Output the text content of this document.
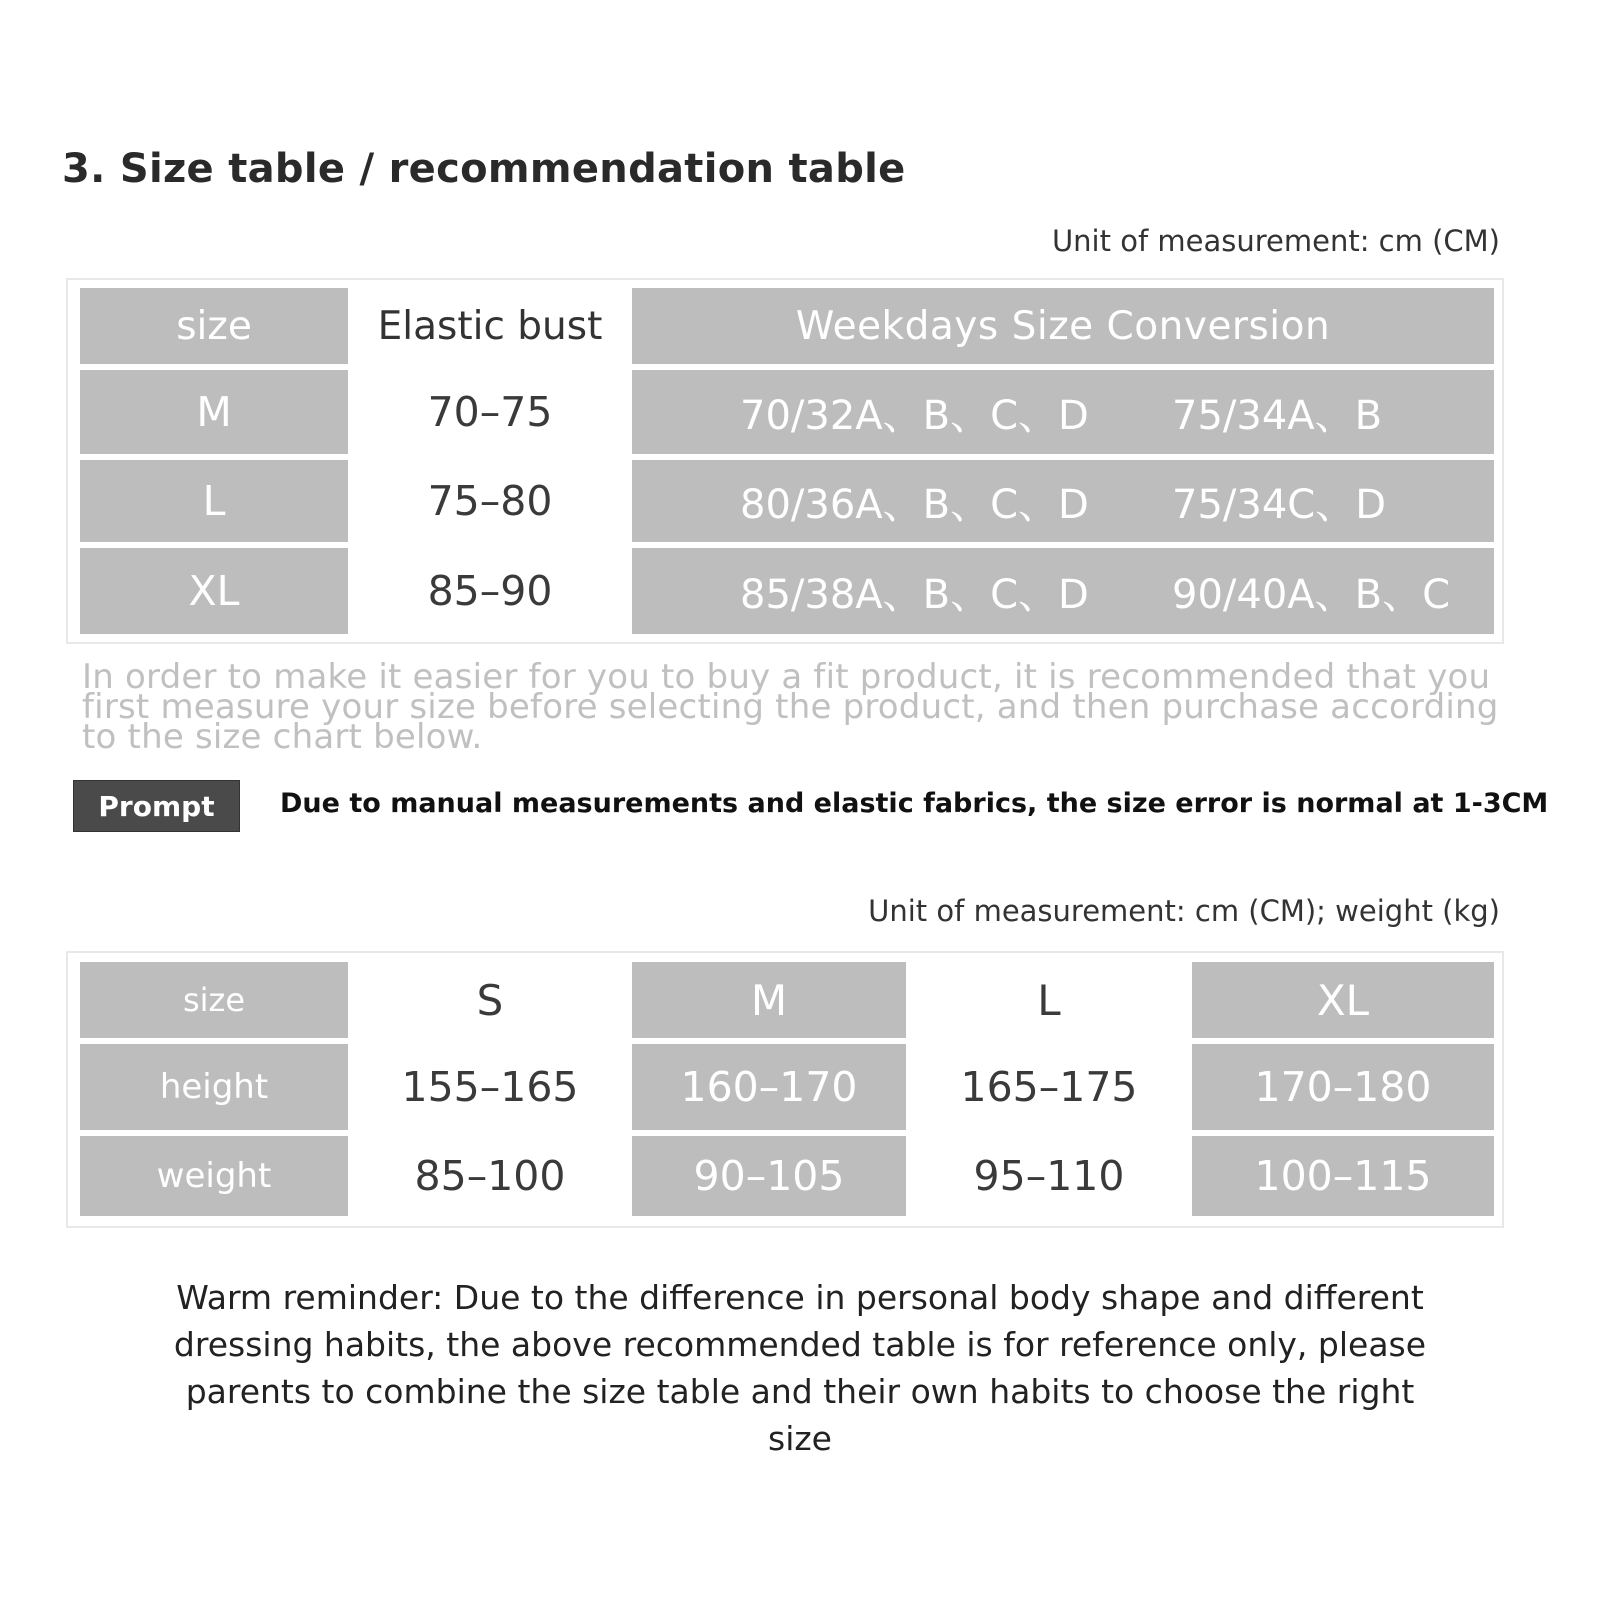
3. Size table / recommendation table
Unit of measurement: cm (CM)
size	Elastic bust	Weekdays Size Conversion
M	70–75	70/32A、B、C、D 75/34A、B
L	75–80	80/36A、B、C、D 75/34C、D
XL	85–90	85/38A、B、C、D 90/40A、B、C

In order to make it easier for you to buy a fit product, it is recommended that you first measure your size before selecting the product, and then purchase according to the size chart below.

Prompt	Due to manual measurements and elastic fabrics, the size error is normal at 1-3CM
Unit of measurement: cm (CM); weight (kg)
size	S	M	L	XL
height	155–165	160–170	165–175	170–180
weight	85–100	90–105	95–110	100–115

Warm reminder: Due to the difference in personal body shape and different dressing habits, the above recommended table is for reference only, please parents to combine the size table and their own habits to choose the right size
